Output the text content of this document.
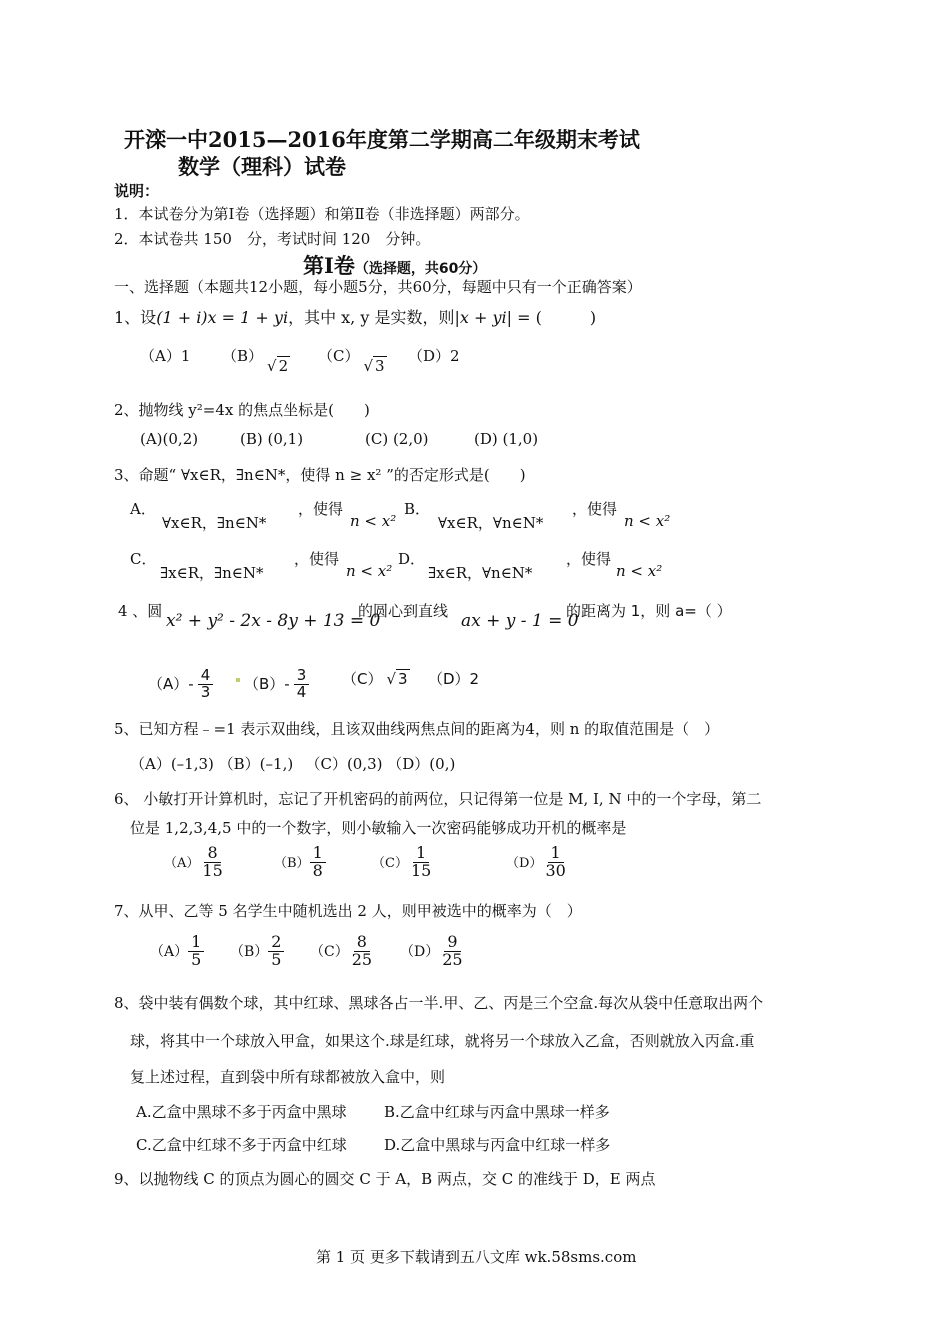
开滦一中2015—2016年度第二学期高二年级期末考试
数学（理科）试卷
说明：
1．本试卷分为第Ⅰ卷（选择题）和第Ⅱ卷（非选择题）两部分。
2．本试卷共 150　分，考试时间 120　分钟。
第Ⅰ卷（选择题，共60分）
一、选择题（本题共12小题，每小题5分，共60分，每题中只有一个正确答案）
1、设(1 + i)x = 1 + yi，其中 x, y 是实数，则|x + yi| = (　　　)
（A）1 （B）√ 2
（C）√ 3
（D）2
2、抛物线 y²=4x 的焦点坐标是(　　)
(A)(0,2)	(B) (0,1)	(C) (2,0)	(D) (1,0)
3、命题“ ∀x∈R，∃n∈N*，使得 n ≥ x² ”的否定形式是(　　)
A．
∀x∈R，∃n∈N*
，使得
n < x²
B．
∀x∈R，∀n∈N*
，使得
n < x²
C．
∃x∈R，∃n∈N*
，使得
n < x²
D．
∃x∈R，∀n∈N*
，使得
n < x²
4 、圆 x² + y² - 2x - 8y + 13 = 0
的圆心到直线 ax + y - 1 = 0
的距离为 1，则 a=（ ）
$(A)- \frac{4}{3} (B)- \frac{3}{4} (C)$ √ 3 （D）2
5、已知方程﹣=1 表示双曲线，且该双曲线两焦点间的距离为4，则 n 的取值范围是（　）
（A）(–1,3) （B）(–1,) 　（C）(0,3) （D）(0,)
6、 小敏打开计算机时，忘记了开机密码的前两位，只记得第一位是 M, I, N 中的一个字母，第二
位是 1,2,3,4,5 中的一个数字，则小敏输入一次密码能够成功开机的概率是
$(A) \frac{8}{15}$	$(B) \frac{1}{8}$	$(C) \frac{1}{15}$	$(D) \frac{1}{30}$
7、从甲、乙等 5 名学生中随机选出 2 人，则甲被选中的概率为（　）
$(A) \frac{1}{5} (B) \frac{2}{5} (C) \frac{8}{25} (D) \frac{9}{25}$
8、袋中装有偶数个球，其中红球、黑球各占一半.甲、乙、丙是三个空盒.每次从袋中任意取出两个
球，将其中一个球放入甲盒，如果这个.球是红球，就将另一个球放入乙盒，否则就放入丙盒.重
复上述过程，直到袋中所有球都被放入盒中，则
A.乙盒中黑球不多于丙盒中黑球 B.乙盒中红球与丙盒中黑球一样多
C.乙盒中红球不多于丙盒中红球 D.乙盒中黑球与丙盒中红球一样多
9、以抛物线 C 的顶点为圆心的圆交 C 于 A，B 两点，交 C 的准线于 D，E 两点
第 1 页 更多下载请到五八文库 wk.58sms.com
